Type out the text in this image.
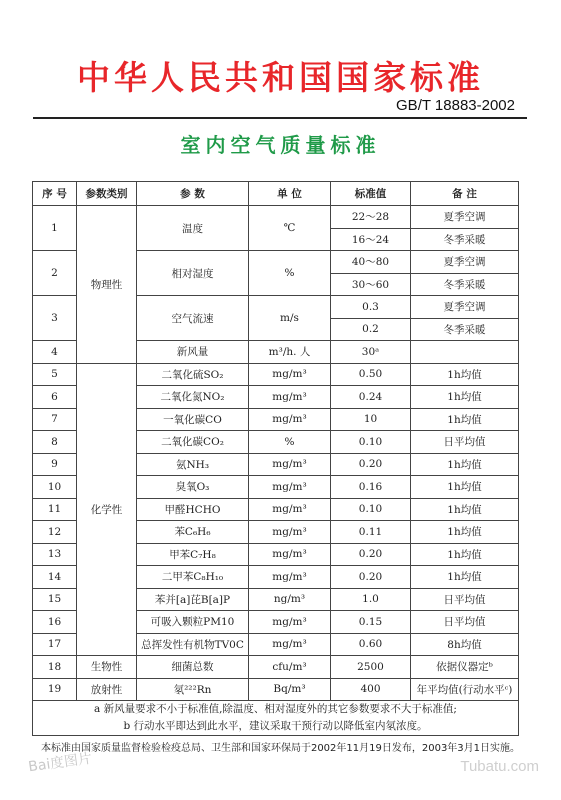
中华人民共和国国家标准
GB/T 18883-2002
室内空气质量标准
序 号	参数类别	参 数	单 位	标准值	备 注
1	物理性	温度	℃	22～28	夏季空调
				16～24	冬季采暖
2		相对湿度	%	40～80	夏季空调
				30～60	冬季采暖
3		空气流速	m/s	0.3	夏季空调
				0.2	冬季采暖
4		新风量	m³/h. 人	30ᵃ	
5	化学性	二氧化硫SO₂	mg/m³	0.50	1h均值
6		二氧化氮NO₂	mg/m³	0.24	1h均值
7		一氧化碳CO	mg/m³	10	1h均值
8		二氧化碳CO₂	%	0.10	日平均值
9		氨NH₃	mg/m³	0.20	1h均值
10		臭氧O₃	mg/m³	0.16	1h均值
11		甲醛HCHO	mg/m³	0.10	1h均值
12		苯C₆H₆	mg/m³	0.11	1h均值
13		甲苯C₇H₈	mg/m³	0.20	1h均值
14		二甲苯C₈H₁₀	mg/m³	0.20	1h均值
15		苯并[a]芘B[a]P	ng/m³	1.0	日平均值
16		可吸入颗粒PM10	mg/m³	0.15	日平均值
17		总挥发性有机物TV0C	mg/m³	0.60	8h均值
18	生物性	细菌总数	cfu/m³	2500	依据仪器定ᵇ
19	放射性	氡²²²Rn	Bq/m³	400	年平均值(行动水平ᶜ)

a 新风量要求不小于标准值,除温度、相对湿度外的其它参数要求不大于标准值;
b 行动水平即达到此水平，建议采取干预行动以降低室内氡浓度。					
本标准由国家质量监督检验检疫总局、卫生部和国家环保局于2002年11月19日发布，2003年3月1日实施。
Bai度图片	Tubatu.com
